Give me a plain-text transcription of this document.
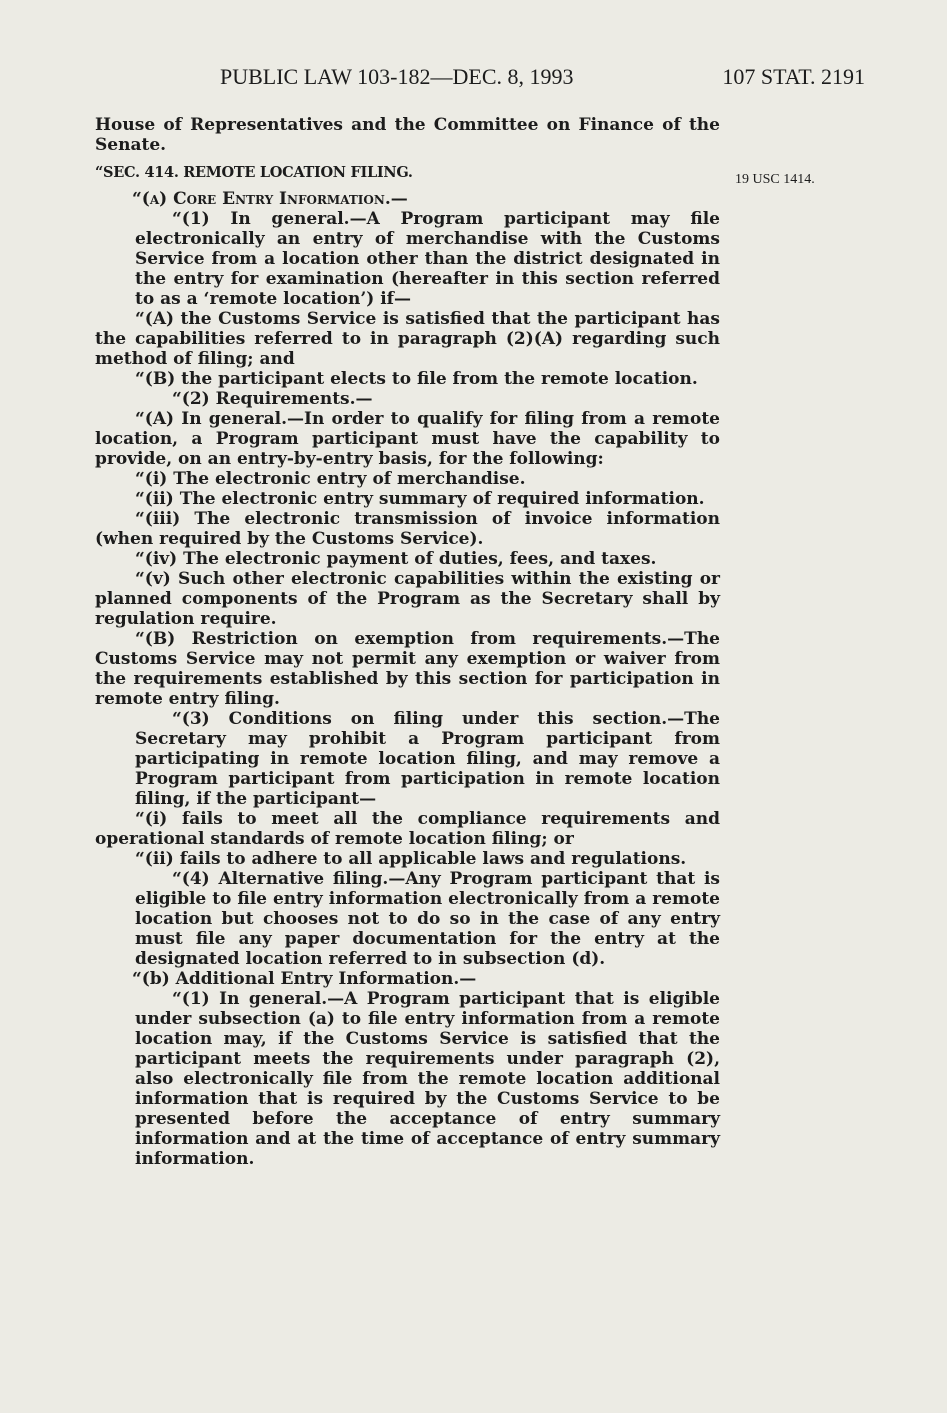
PUBLIC LAW 103-182—DEC. 8, 1993	107 STAT. 2191
19 USC 1414.

House of Representatives and the Committee on Finance of the Senate.

“SEC. 414. REMOTE LOCATION FILING.

“(a) Core Entry Information.—

“(1) In general.—A Program participant may file electronically an entry of merchandise with the Customs Service from a location other than the district designated in the entry for examination (hereafter in this section referred to as a ‘remote location’) if—

“(A) the Customs Service is satisfied that the participant has the capabilities referred to in paragraph (2)(A) regarding such method of filing; and

“(B) the participant elects to file from the remote location.

“(2) Requirements.—

“(A) In general.—In order to qualify for filing from a remote location, a Program participant must have the capability to provide, on an entry-by-entry basis, for the following:

“(i) The electronic entry of merchandise.

“(ii) The electronic entry summary of required information.

“(iii) The electronic transmission of invoice information (when required by the Customs Service).

“(iv) The electronic payment of duties, fees, and taxes.

“(v) Such other electronic capabilities within the existing or planned components of the Program as the Secretary shall by regulation require.

“(B) Restriction on exemption from requirements.—The Customs Service may not permit any exemption or waiver from the requirements established by this section for participation in remote entry filing.

“(3) Conditions on filing under this section.—The Secretary may prohibit a Program participant from participating in remote location filing, and may remove a Program participant from participation in remote location filing, if the participant—

“(i) fails to meet all the compliance requirements and operational standards of remote location filing; or

“(ii) fails to adhere to all applicable laws and regulations.

“(4) Alternative filing.—Any Program participant that is eligible to file entry information electronically from a remote location but chooses not to do so in the case of any entry must file any paper documentation for the entry at the designated location referred to in subsection (d).

“(b) Additional Entry Information.—

“(1) In general.—A Program participant that is eligible under subsection (a) to file entry information from a remote location may, if the Customs Service is satisfied that the participant meets the requirements under paragraph (2), also electronically file from the remote location additional information that is required by the Customs Service to be presented before the acceptance of entry summary information and at the time of acceptance of entry summary information.
